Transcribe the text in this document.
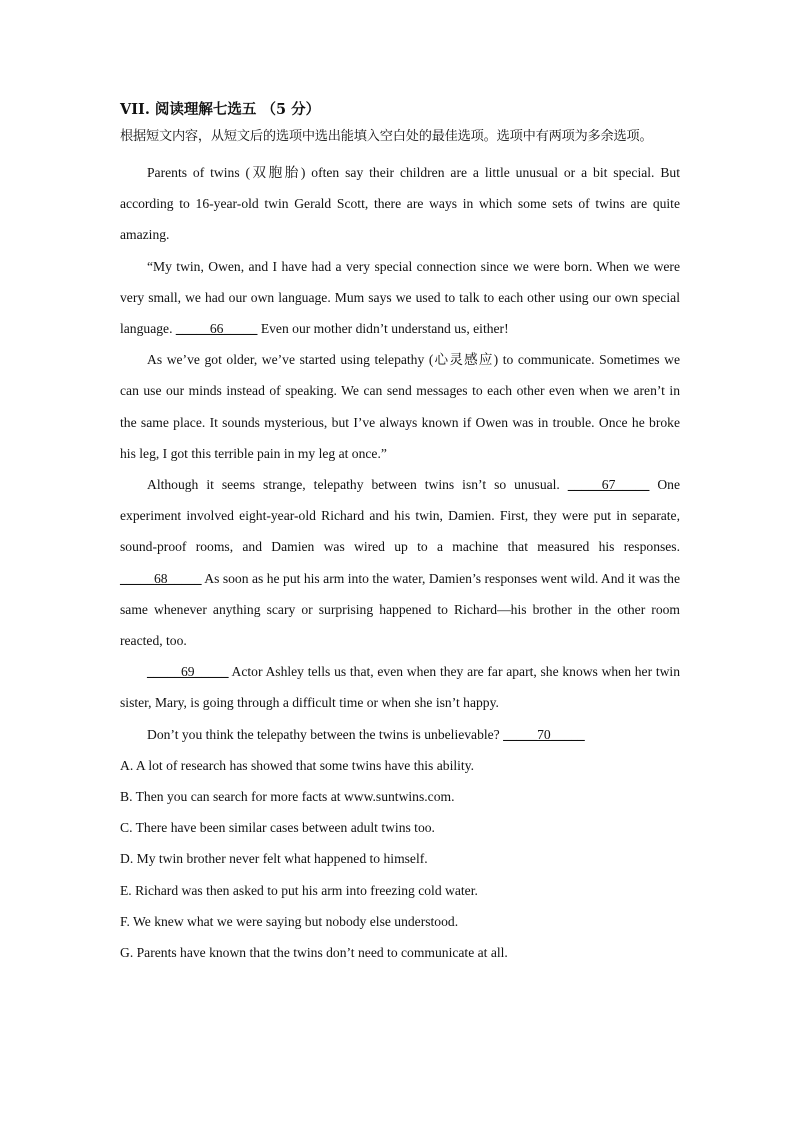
VII. 阅读理解七选五 （5 分）
根据短文内容，从短文后的选项中选出能填入空白处的最佳选项。选项中有两项为多余选项。

Parents of twins (双胞胎) often say their children are a little unusual or a bit special. But according to 16-year-old twin Gerald Scott, there are ways in which some sets of twins are quite amazing.

“My twin, Owen, and I have had a very special connection since we were born. When we were very small, we had our own language. Mum says we used to talk to each other using our own special language. _____66_____ Even our mother didn’t understand us, either!

As we’ve got older, we’ve started using telepathy (心灵感应) to communicate. Sometimes we can use our minds instead of speaking. We can send messages to each other even when we aren’t in the same place. It sounds mysterious, but I’ve always known if Owen was in trouble. Once he broke his leg, I got this terrible pain in my leg at once.”

Although it seems strange, telepathy between twins isn’t so unusual. _____67_____ One experiment involved eight-year-old Richard and his twin, Damien. First, they were put in separate, sound-proof rooms, and Damien was wired up to a machine that measured his responses. _____68_____ As soon as he put his arm into the water, Damien’s responses went wild. And it was the same whenever anything scary or surprising happened to Richard—his brother in the other room reacted, too.

_____69_____ Actor Ashley tells us that, even when they are far apart, she knows when her twin sister, Mary, is going through a difficult time or when she isn’t happy.

Don’t you think the telepathy between the twins is unbelievable? _____70_____

A. A lot of research has showed that some twins have this ability.
B. Then you can search for more facts at www.suntwins.com.
C. There have been similar cases between adult twins too.
D. My twin brother never felt what happened to himself.
E. Richard was then asked to put his arm into freezing cold water.
F. We knew what we were saying but nobody else understood.
G. Parents have known that the twins don’t need to communicate at all.
